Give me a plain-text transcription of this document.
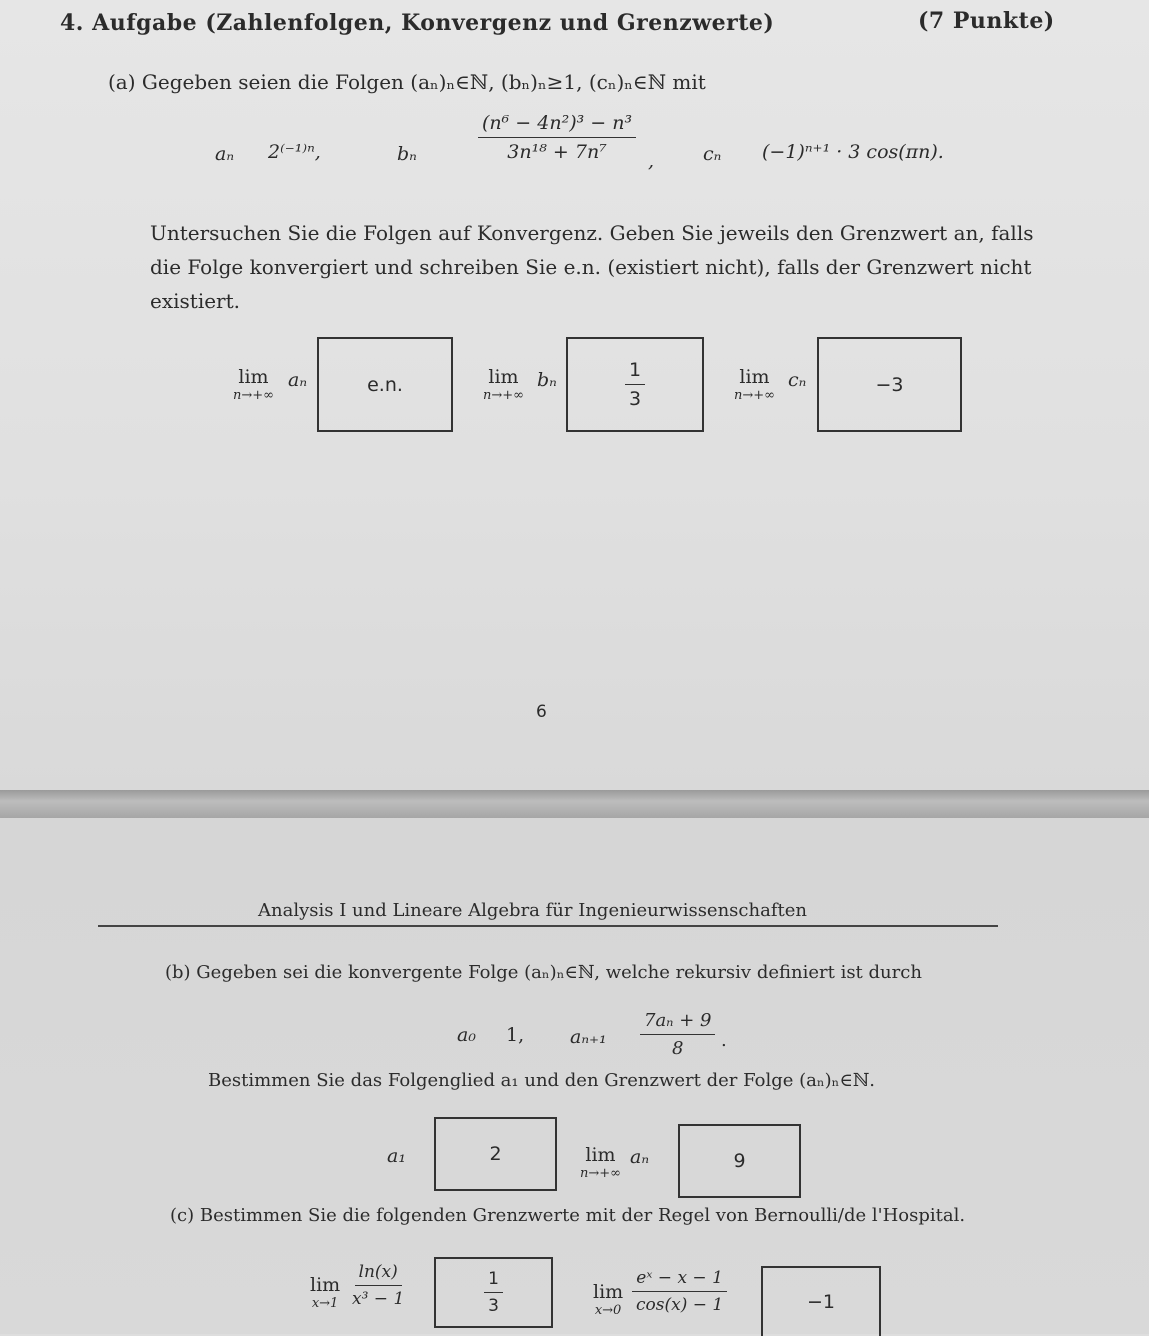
4. Aufgabe (Zahlenfolgen, Konvergenz und Grenzwerte)	(7 Punkte)
(a) Gegeben seien die Folgen (aₙ)ₙ∈ℕ, (bₙ)ₙ≥1, (cₙ)ₙ∈ℕ mit
aₙ 2⁽⁻¹⁾ⁿ,	bₙ	$\frac{\text{(n⁶ − 4n²)³ − n³}}{\text{3n¹⁸ + 7n⁷}}$ ,	cₙ (−1)ⁿ⁺¹ · 3 cos(πn).
Untersuchen Sie die Folgen auf Konvergenz. Geben Sie jeweils den Grenzwert an, falls die Folge konvergiert und schreiben Sie e.n. (existiert nicht), falls der Grenzwert nicht existiert.
lim
n→+∞
aₙ	e.n.	lim
n→+∞
bₙ	$\frac{1}{3}$	lim
n→+∞
cₙ	−3
6
Analysis I und Lineare Algebra für Ingenieurwissenschaften
(b) Gegeben sei die konvergente Folge (aₙ)ₙ∈ℕ, welche rekursiv definiert ist durch
a₀ 1, $a_{n+1} \frac{\text{7aₙ + 9}}{8}$ .
Bestimmen Sie das Folgenglied a₁ und den Grenzwert der Folge (aₙ)ₙ∈ℕ.
a₁	2	lim
n→+∞
aₙ	9
(c) Bestimmen Sie die folgenden Grenzwerte mit der Regel von Bernoulli/de l'Hospital.
lim
$x\to 1 \frac{\ln(x)}{\text{x³ − 1}}$	$\frac{1}{3}$	lim
$x\to 0 \frac{\text{eˣ − x − 1}}{\cos(x) - 1}$	−1
